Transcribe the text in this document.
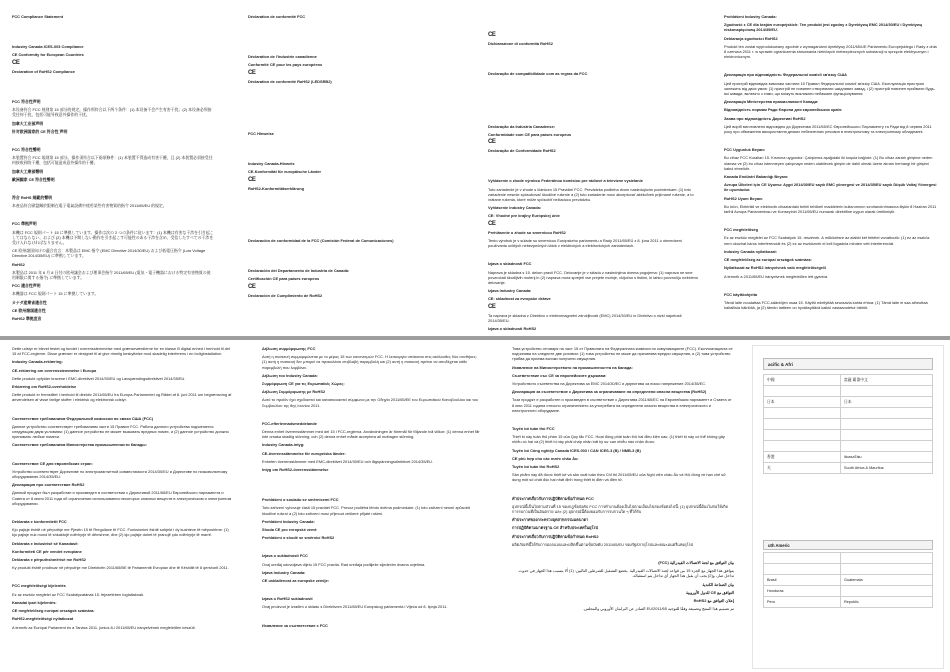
FCC Compliance Statement

Industry Canada ICES-003 Compliance

CE Conformity for European Countries

CE

Declaration of RoHS2 Compliance

FCC 符合性声明

本设备符合 FCC 规则第 15 部分的规定。操作须符合以下两个条件：(1) 本设备不会产生有害干扰；(2) 本设备必须接受任何干扰，包括可能导致意外操作的干扰。

加拿大工业部声明

针对欧洲国家的 CE 符合性 声明

FCC 符合性聲明

本裝置符合 FCC 規則第 15 部分。操作須符合以下兩項條件：(1) 本裝置不得造成有害干擾，且 (2) 本裝置必須接受任何接收到的干擾，包括可能造成意外操作的干擾。

加拿大工業部聲明

歐洲國家 CE 符合性聲明

符合 RoHS 規範的聲明

本產品符合歐盟關於限制在電子電氣設備中使用某些有害物質的指令 2011/65/EU 的規定。

FCC 準拠声明

本機は FCC 規則パート 15 に準拠しています。操作は次の 2 つの条件に従います：(1) 本機は有害な干渉を引き起こしてはならない、および (2) 本機は予期しない動作を引き起こす可能性のある干渉を含め、受信したすべての干渉を受け入れなければなりません。

CE 欧州諸国向けの適合宣言：本製品は EMC 指令 (EMC Directive 2014/30/EU) および低電圧指令 (Low Voltage Directive 2014/35/EU) に準拠しています。

RoHS2

本製品は 2011 年 6 月 8 日付の欧州議会および理事会指令 2011/65/EU (電気・電子機器における特定有害物質の使用制限に関する指令) に準拠しています。

FCC 適合性声明

本機器は FCC 規則パート 15 に準拠しています。

カナダ産業省適合性

CE 欧州諸国適合性

RoHS2 準拠宣言

Déclaration de conformité FCC

Déclaration de l'Industrie canadienne

Conformité CE pour les pays européens

CE

Déclaration de conformité RoHS2 (LEDSRB2)

FCC Hinweise

Industry Canada-Hinweis

CE-Konformität für europäische Länder

CE

RoHS2-Konformitätserklärung

Declaración de conformidad de la FCC (Comisión Federal de Comunicaciones)

Declaración del Departamento de Industria de Canadá:

Certificación CE para países europeos

CE

Declaración de Cumplimiento de RoHS2

CE

Dichiarazione di conformità RoHS2

Declaração de compatibilidade com as regras da FCC

Declaração da Indústria Canadense:

Conformidade com CE para países europeus

CE

Declaração de Conformidade RoHS2

Vyhlásenie o zhode výrobcu Federálnou komisiou pre rádiové a televízne vysielanie

Toto zariadenie je v zhode s článkom 15 Pravidiel FCC. Prevádzka podlieha dvom nasledujúcim podmienkam: (1) toto zariadenie nesmie spôsobovať škodlivé rušenie a (2) toto zariadenie musí akceptovať akékoľvek prijímané rušenie, a to vrátane rušenia, ktoré môže spôsobiť nežiaducu prevádzku.

Vyhlásenie Industry Canada:

CE: Vhodné pre krajiny Európskej únie

CE

Prehlásenie o zhode so smernicou RoHS2

Tento výrobok je v súlade so smernicou Európskeho parlamentu a Rady 2011/65/EÚ z 8. júna 2011 o obmedzení používania určitých nebezpečných látok v elektrických a elektronických zariadeniach.

Izjava o skladnosti FCC

Naprava je skladna s 15. delom pravil FCC. Delovanje je v skladu z naslednjima dvema pogojema: (1) naprava ne sme povzročati škodljivih motenj in (2) naprava mora sprejeti vse prejete motnje, vključno s tistimi, ki lahko povzročijo neželeno delovanje.

Izjava Industry Canada:

CE: skladnost za evropske države

CE

Ta naprava je skladna z Direktivo o elektromagnetni združljivosti (EMC) 2014/30/EU in Direktivo o nizki napetosti 2014/35/EU.

Izjava o skladnosti RoHS2

Prohlášení Industry Canada:

Zgodność z CE dla krajów europejskich: Ten produkt jest zgodny z Dyrektywą EMC 2014/30/EU i Dyrektywą niskonapięciową 2014/35/EU.

Deklaracja zgodności RoHS2

Produkt ten został wyprodukowany zgodnie z wymaganiami dyrektywy 2011/65/UE Parlamentu Europejskiego i Rady z dnia 8 czerwca 2011 r. w sprawie ograniczenia stosowania niektórych niebezpiecznych substancji w sprzęcie elektrycznym i elektronicznym.

Декларація про відповідність Федеральної комісії зв'язку США

Цей пристрій відповідає вимогам частини 15 Правил Федеральної комісії зв'язку США. Експлуатація пристрою залежить від двох умов: (1) пристрій не повинен створювати шкідливих завад, і (2) пристрій повинен приймати будь-які завади, включно з тими, що можуть викликати небажане функціонування.

Декларація Міністерства промисловості Канади:

Відповідність нормам Ради Європи для європейських країн:

Заява про відповідність Директиві RoHS2

Цей виріб виготовлено відповідно до Директиви 2011/65/ЄС Європейського Парламенту та Ради від 8 червня 2011 року про обмеження використання деяких небезпечних речовин в електричному та електронному обладнанні.

FCC Uygunluk Beyanı

Bu cihaz FCC Kuralları 15. Kısmına uygundur. Çalıştırma aşağıdaki iki koşula bağlıdır: (1) Bu cihaz zararlı girişime neden olamaz ve (2) bu cihaz istenmeyen çalışmaya neden olabilecek girişim de dahil olmak üzere alınan herhangi bir girişimi kabul etmelidir.

Kanada Endüstri Bakanlığı Beyanı:

Avrupa Ülkeleri için CE Uyumu: Aygıt 2014/30/EU sayılı EMC yönergesi ve 2014/35/EU sayılı Düşük Voltaj Yönergesi ile uyumludur.

RoHS2 Uyum Beyanı

Bu ürün, Elektrikli ve elektronik cihazlardaki belirli tehlikeli maddelerin kullanımının sınırlandırılmasına ilişkin 8 Haziran 2011 tarihli Avrupa Parlamentosu ve Konseyinin 2011/65/EU numaralı direktifine uygun olarak üretilmiştir.

FCC megfelelőség

Ez az eszköz megfelel az FCC Szabályok 15. részének. A működésre az alábbi két feltétel vonatkozik: (1) ez az eszköz nem okozhat káros interferenciát és (2) ez az eszköznek el kell fogadnia minden vett interferenciát.

Industry Canada nyilatkozat:

CE megfelelőség az európai országok számára:

Nyilatkozat az RoHS2 irányelvnek való megfelelőségről

A termék a 2011/65/EU irányelvnek megfelelően lett gyártva.

FCC käyttöohjeita

Tämä laite noudattaa FCC-sääntöjen osaa 15. Käyttö edellyttää seuraavia kahta ehtoa: (1) Tämä laite ei saa aiheuttaa haitallisia häiriöitä, ja (2) tämän laitteen on hyväksyttävä kaikki vastaanotetut häiriöt.

Dette udstyr er blevet testet og fundet i overensstemmelse med grænseværdierne for en klasse B digital enhed i henhold til del 15 af FCC-reglerne. Disse grænser er designet til at give rimelig beskyttelse mod skadelig interferens i en boliginstallation.

Industry Canada-erklæring:

CE-erklæring om overensstemmelse i Europa

Dette produkt opfylder kravene i EMC-direktivet 2014/30/EU og Lavspændingsdirektivet 2014/35/EU.

Erklæring om RoHS2-overholdelse

Dette produkt er fremstillet i henhold til direktiv 2011/65/EU fra Europa-Parlamentet og Rådet af 8. juni 2011 om begrænsning af anvendelsen af visse farlige stoffer i elektrisk og elektronisk udstyr.

Соответствие требованиям Федеральной комиссии по связи США (FCC)

Данное устройство соответствует требованиям части 15 Правил FCC. Работа данного устройства подчиняется следующим двум условиям: (1) данное устройство не может вызывать вредных помех, и (2) данное устройство должно принимать любые помехи.

Соответствие требованиям Министерства промышленности Канады:

Соответствие CE для европейских стран:

Устройство соответствует Директиве по электромагнитной совместимости 2014/30/EU и Директиве по низковольтному оборудованию 2014/35/EU.

Декларация про соответствие RoHS2

Данный продукт был разработан и произведен в соответствии с Директивой 2011/65/EU Европейского парламента и Совета от 8 июня 2011 года об ограничении использования некоторых опасных веществ в электрическом и электронном оборудовании.

Deklarata e konformitetit FCC

Kjo pajisje është në përputhje me Pjesën 15 të Rregullave të FCC. Funksionimi është subjekt i dy kushteve të mëposhtme: (1) kjo pajisje nuk mund të shkaktojë ndërhyrje të dëmshme, dhe (2) kjo pajisje duhet të pranojë çdo ndërhyrje të marrë.

Deklarata e Industrisë së Kanadasë:

Konformiteti CE për vendet evropiane

Deklarata e përputhshmërisë me RoHS2

Ky produkt është prodhuar në përputhje me Direktivën 2011/65/BE të Parlamentit Evropian dhe të Këshillit të 8 qershorit 2011.

FCC megfelelőségi kijelentés

Ez az eszköz megfelel az FCC Szabályzatának 15. fejezetében foglaltaknak.

Kanadai ipari kijelentés:

CE megfelelőség európai országok számára:

RoHS2-megfelelőségi nyilatkozat

A termék az Európai Parlament és a Tanács 2011. június 8-i 2011/65/EU irányelvének megfelelően készült.

Δήλωση συμμόρφωσης FCC

Αυτή η συσκευή συμμορφώνεται με το μέρος 15 των κανονισμών FCC. Η λειτουργία υπόκειται στις ακόλουθες δύο συνθήκες: (1) αυτή η συσκευή δεν μπορεί να προκαλέσει επιβλαβή παρεμβολή και (2) αυτή η συσκευή πρέπει να αποδέχεται κάθε παρεμβολή που λαμβάνει.

Δήλωση του Industry Canada:

Συμμόρφωση CE για τις Ευρωπαϊκές Χώρες:

Δήλωση Συμμόρφωσης με RoHS2

Αυτό το προϊόν έχει σχεδιαστεί και κατασκευαστεί σύμφωνα με την Οδηγία 2011/65/ΕΕ του Ευρωπαϊκού Κοινοβουλίου και του Συμβουλίου της 8ης Ιουνίου 2011.

FCC-efterlevnadsmeddelande

Denna enhet överensstämmer med del 15 i FCC-reglerna. Användningen är föremål för följande två villkor: (1) denna enhet får inte orsaka skadlig störning, och (2) denna enhet måste acceptera all mottagen störning.

Industry Canada-intyg:

CE-överensstämmelse för europeiska länder:

Enheten överensstämmer med EMC-direktivet 2014/30/EU och lågspänningsdirektivet 2014/35/EU.

Intyg om RoHS2-överensstämmelse

Prohlášení o souladu se směrnicemi FCC

Toto zařízení vyhovuje části 15 pravidel FCC. Provoz podléhá těmto dvěma podmínkám: (1) toto zařízení nesmí způsobit škodlivé rušení a (2) toto zařízení musí přijmout veškeré přijaté rušení.

Prohlášení Industry Canada:

Shoda CE pro evropské země

Prohlášení o shodě se směrnicí RoHS2

Izjava o sukladnosti FCC

Ovaj uređaj udovoljava dijelu 15 FCC pravila. Rad uređaja podliježe sljedećim dvama uvjetima.

Izjava Industry Canada:

CE usklađenost za europske zemlje:

Izjava o RoHS2 sukladnosti

Ovaj proizvod je izrađen u skladu s Direktivom 2011/65/EU Europskog parlamenta i Vijeća od 8. lipnja 2011.

Изявление за съответствие с FCC

Това устройство отговаря на част 15 от Правилата на Федералната комисия по комуникациите (FCC). Експлоатацията се подчинява на следните две условия: (1) това устройство не може да причинява вредни смущения, и (2) това устройство трябва да приема всички получени смущения.

Изявление на Министерството на промишлеността на Канада:

Съответствие със СЕ за европейските държави:

Устройството съответства на Директива за ЕМС 2014/30/ЕС и директива за ниско напрежение 2014/35/ЕС.

Декларация за съответствие с Директива за ограничаване на определени опасни вещества (RoHS2)

Този продукт е разработен и произведен в съответствие с Директива 2011/65/ЕС на Европейския парламент и Съвета от 8 юни 2011 година относно ограничението за употребата на определени опасни вещества в електрическото и електронното оборудване.

Tuyên bố tuân thủ FCC

Thiết bị này tuân thủ phần 15 của Quy tắc FCC. Hoạt động phải tuân thủ hai điều kiện sau: (1) thiết bị này có thể không gây nhiễu có hại và (2) thiết bị này phải chấp nhận bất kỳ sự can nhiễu nào nhận được.

Tuyên bố Công nghiệp Canada ICES-003 / CAN ICES-3 (B) / NMB-3 (B)

CE phù hợp cho các nước châu Âu:

Tuyên bố tuân thủ RoHS2

Sản phẩm này đã được thiết kế và sản xuất tuân theo Chỉ thị 2011/65/EU của Nghị viện châu Âu và Hội đồng về hạn chế sử dụng một số chất độc hại nhất định trong thiết bị điện và điện tử.

คำประกาศเกี่ยวกับการปฏิบัติตามข้อกำหนด FCC

อุปกรณ์นี้เป็นไปตามส่วนที่ 15 ของกฎข้อบังคับ FCC การทำงานต้องเป็นไปตามเงื่อนไขสองข้อต่อไปนี้: (1) อุปกรณ์นี้ต้องไม่ก่อให้เกิดการรบกวนที่เป็นอันตราย และ (2) อุปกรณ์นี้ต้องยอมรับการรบกวนใด ๆ ที่ได้รับ

คำประกาศของกระทรวงอุตสาหกรรมแคนาดา

การปฏิบัติตามมาตรฐาน CE สำหรับประเทศในยุโรป

คำประกาศเกี่ยวกับการปฏิบัติตามข้อกำหนด RoHS2

ผลิตภัณฑ์นี้ได้รับการออกแบบและผลิตขึ้นตามข้อบังคับ 2011/65/EU ของรัฐสภายุโรปและคณะมนตรีแห่งยุโรป

بيان التوافق مع لجنة الاتصالات الفيدرالية (FCC)

يتوافق هذا الجهاز مع الجزء 15 من قواعد لجنة الاتصالات الفيدرالية. يخضع التشغيل للشرطين التاليين: (1) ألا يتسبب هذا الجهاز في حدوث تداخل ضار، و(2) يجب أن يقبل هذا الجهاز أي تداخل يتم استقباله.

بيان الصناعة الكندية

التوافق مع CE للدول الأوروبية

إعلان التوافق مع RoHS2

تم تصميم هذا المنتج وتصنيعه وفقًا للتوجيه 2011/65/EU الصادر عن البرلمان الأوروبي والمجلس.

acific & Afri
中國	富麗 霸器中文

日本	日本

香港	iiicasaTaiu
关	South Africa & Maurltus
uth Americ

Brasil	Guatemala
Honduras	
Peru	Republic
